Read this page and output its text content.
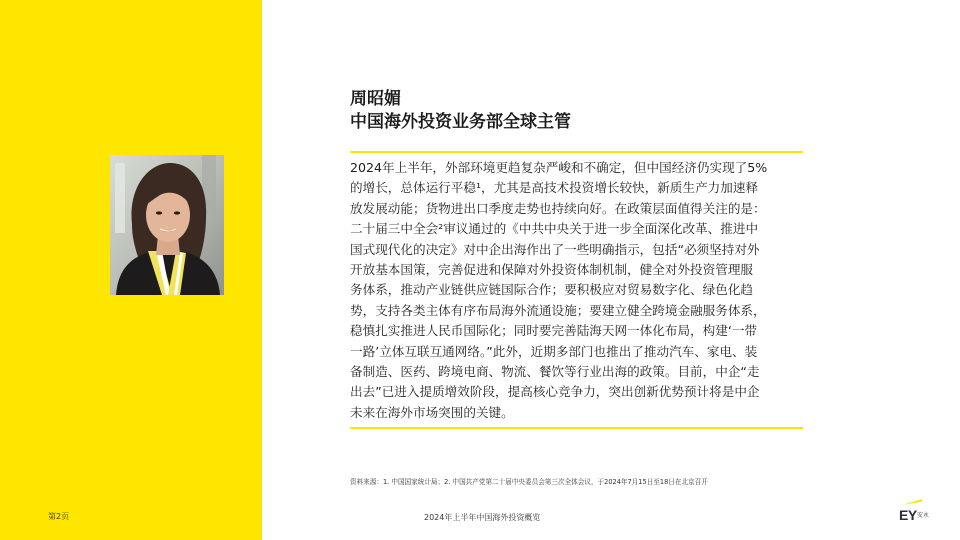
周昭媚
中国海外投资业务部全球主管
2024年上半年，外部环境更趋复杂严峻和不确定，但中国经济仍实现了5%
的增长，总体运行平稳¹，尤其是高技术投资增长较快，新质生产力加速释
放发展动能；货物进出口季度走势也持续向好。在政策层面值得关注的是：
二十届三中全会²审议通过的《中共中央关于进一步全面深化改革、推进中
国式现代化的决定》对中企出海作出了一些明确指示，包括“必须坚持对外
开放基本国策，完善促进和保障对外投资体制机制，健全对外投资管理服
务体系，推动产业链供应链国际合作；要积极应对贸易数字化、绿色化趋
势，支持各类主体有序布局海外流通设施；要建立健全跨境金融服务体系，
稳慎扎实推进人民币国际化；同时要完善陆海天网一体化布局，构建‘一带
一路’立体互联互通网络。”此外，近期多部门也推出了推动汽车、家电、装
备制造、医药、跨境电商、物流、餐饮等行业出海的政策。目前，中企“走
出去”已进入提质增效阶段，提高核心竞争力，突出创新优势预计将是中企
未来在海外市场突围的关键。
资料来源：1. 中国国家统计局；2. 中国共产党第二十届中央委员会第三次全体会议，于2024年7月15日至18日在北京召开
第2页	2024年上半年中国海外投资概览	EY 安永
